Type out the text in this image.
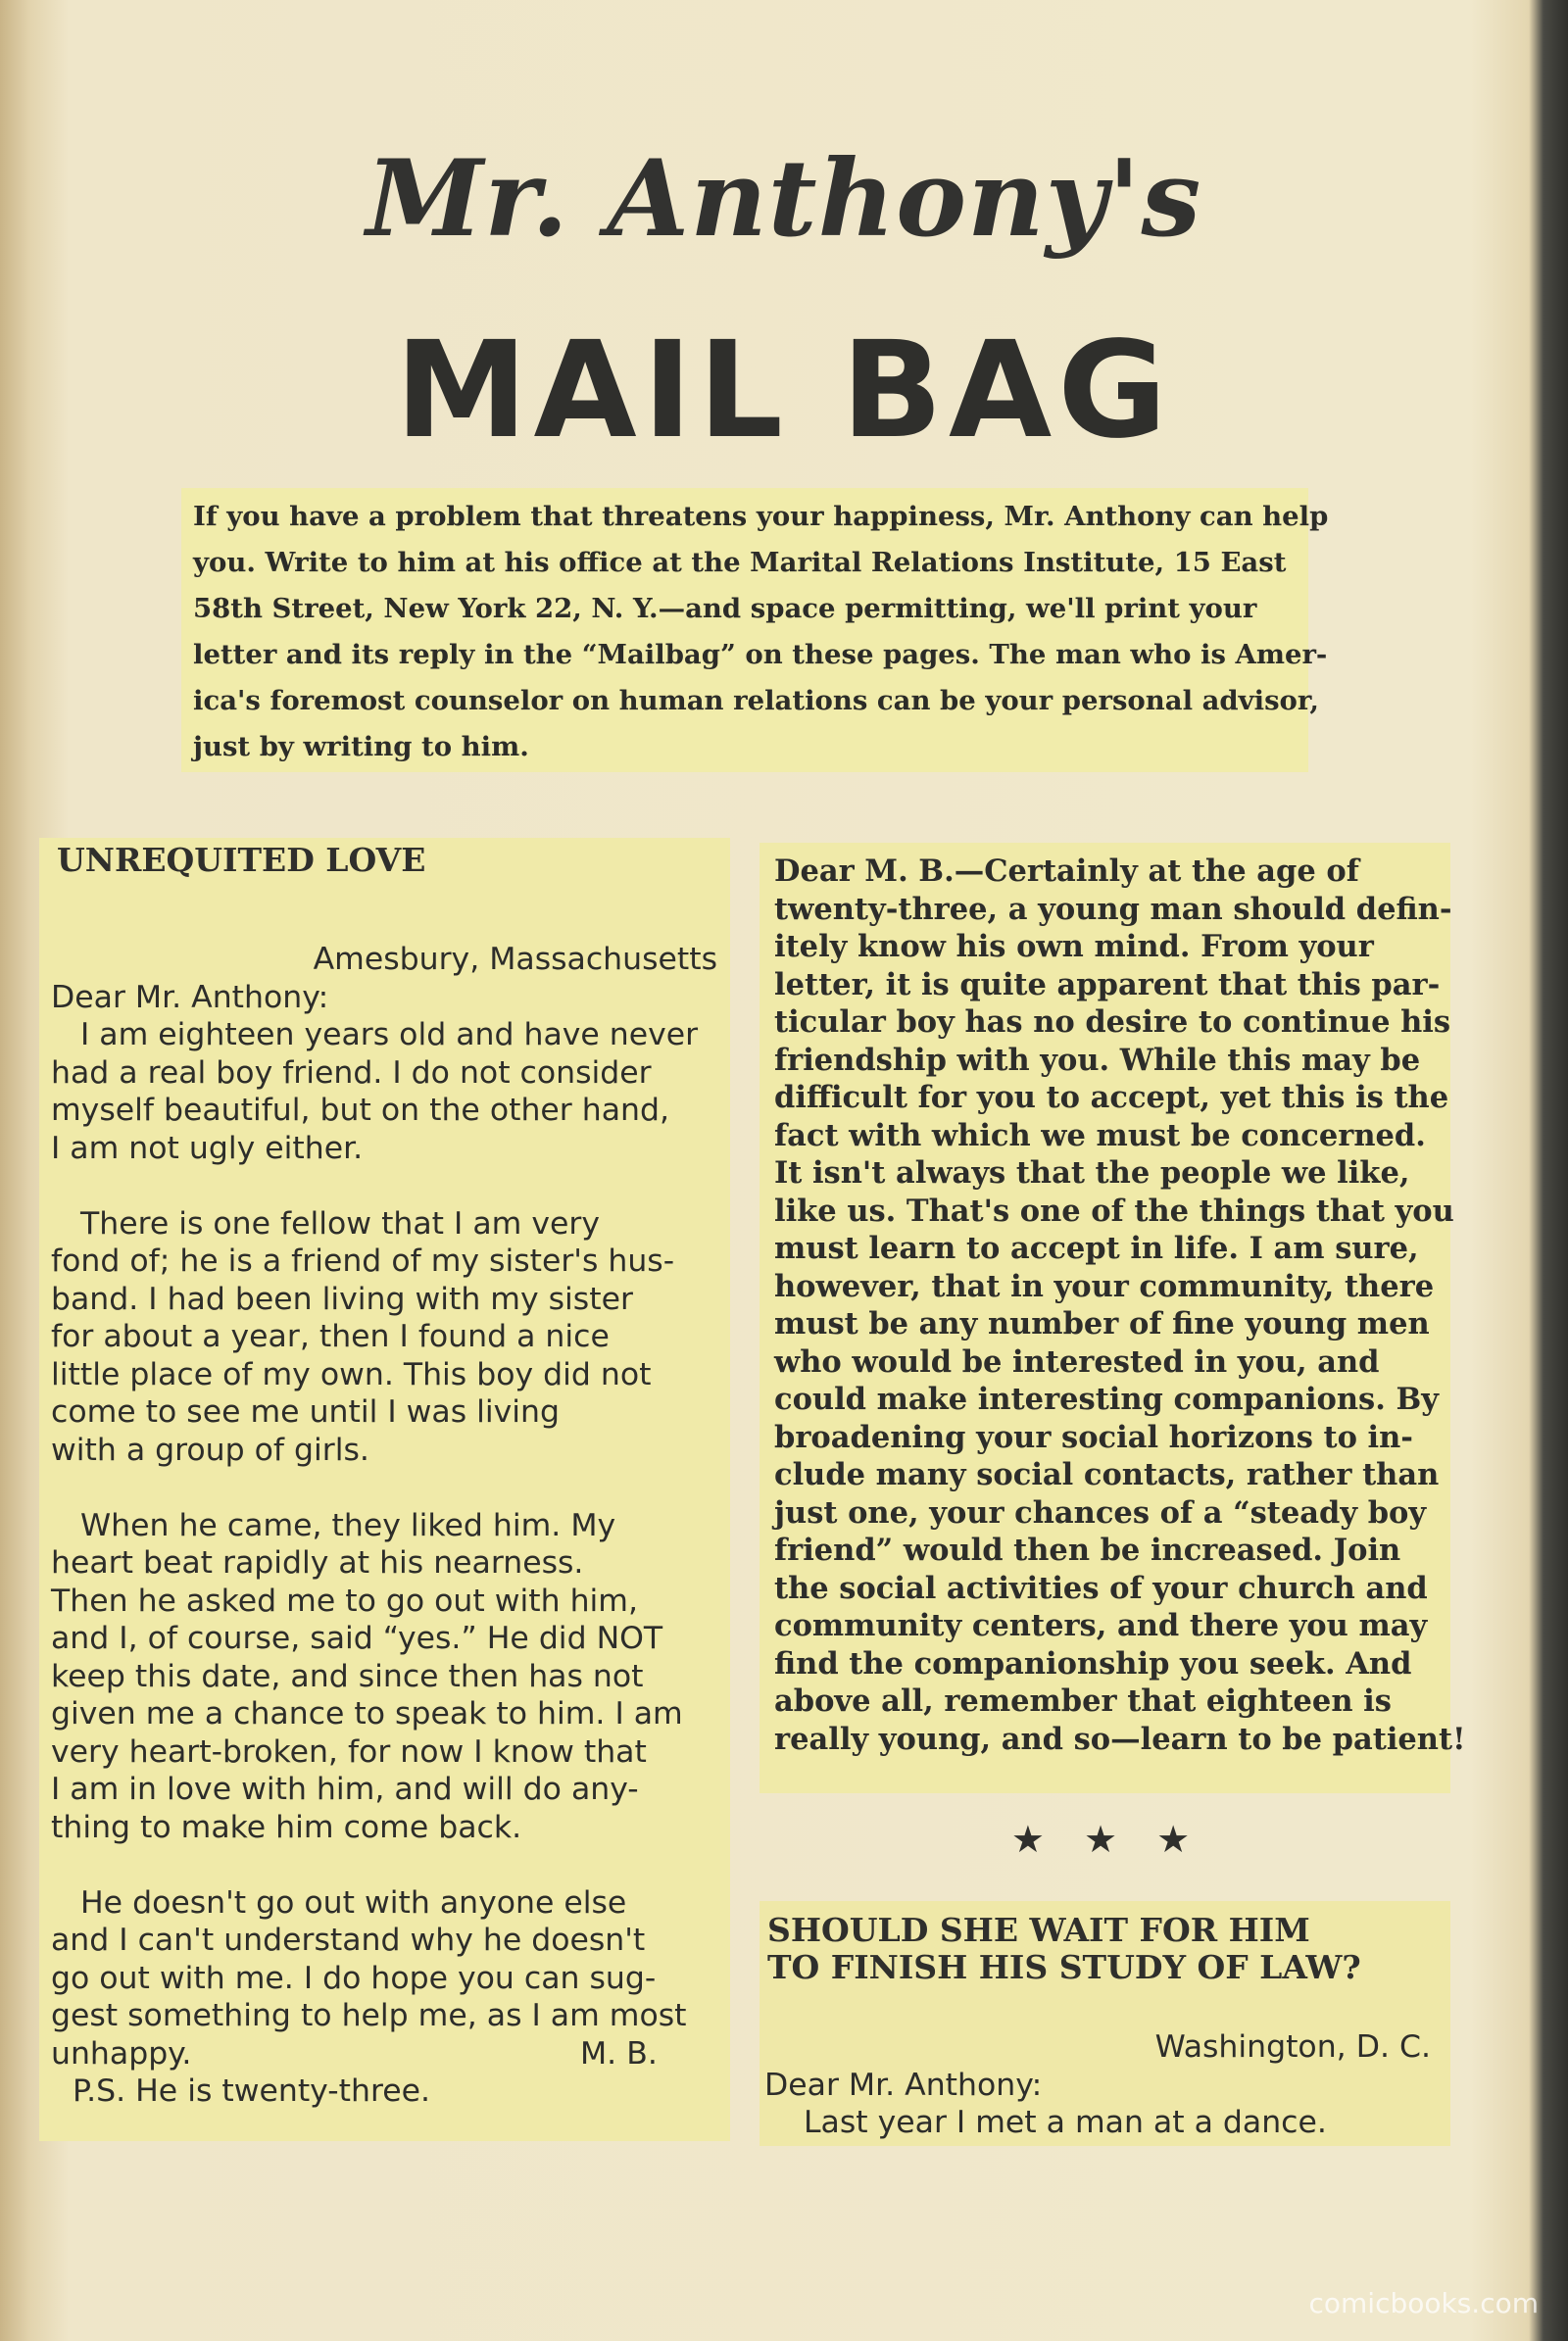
Mr. Anthony's
MAIL BAG
If you have a problem that threatens your happiness, Mr. Anthony can help
you. Write to him at his office at the Marital Relations Institute, 15 East
58th Street, New York 22, N. Y.—and space permitting, we'll print your
letter and its reply in the “Mailbag” on these pages. The man who is Amer-
ica's foremost counselor on human relations can be your personal advisor,
just by writing to him.
UNREQUITED LOVE
Amesbury, Massachusetts
Dear Mr. Anthony:
I am eighteen years old and have never
had a real boy friend. I do not consider
myself beautiful, but on the other hand,
I am not ugly either.
There is one fellow that I am very
fond of; he is a friend of my sister's hus-
band. I had been living with my sister
for about a year, then I found a nice
little place of my own. This boy did not
come to see me until I was living
with a group of girls.
When he came, they liked him. My
heart beat rapidly at his nearness.
Then he asked me to go out with him,
and I, of course, said “yes.” He did NOT
keep this date, and since then has not
given me a chance to speak to him. I am
very heart-broken, for now I know that
I am in love with him, and will do any-
thing to make him come back.
He doesn't go out with anyone else
and I can't understand why he doesn't
go out with me. I do hope you can sug-
gest something to help me, as I am most
unhappy.	M. B.
P.S. He is twenty-three.
Dear M. B.—Certainly at the age of
twenty-three, a young man should defin-
itely know his own mind. From your
letter, it is quite apparent that this par-
ticular boy has no desire to continue his
friendship with you. While this may be
difficult for you to accept, yet this is the
fact with which we must be concerned.
It isn't always that the people we like,
like us. That's one of the things that you
must learn to accept in life. I am sure,
however, that in your community, there
must be any number of fine young men
who would be interested in you, and
could make interesting companions. By
broadening your social horizons to in-
clude many social contacts, rather than
just one, your chances of a “steady boy
friend” would then be increased. Join
the social activities of your church and
community centers, and there you may
find the companionship you seek. And
above all, remember that eighteen is
really young, and so—learn to be patient!
★ ★ ★
SHOULD SHE WAIT FOR HIM
TO FINISH HIS STUDY OF LAW?
Washington, D. C.
Dear Mr. Anthony:
Last year I met a man at a dance.
comicbooks.com
